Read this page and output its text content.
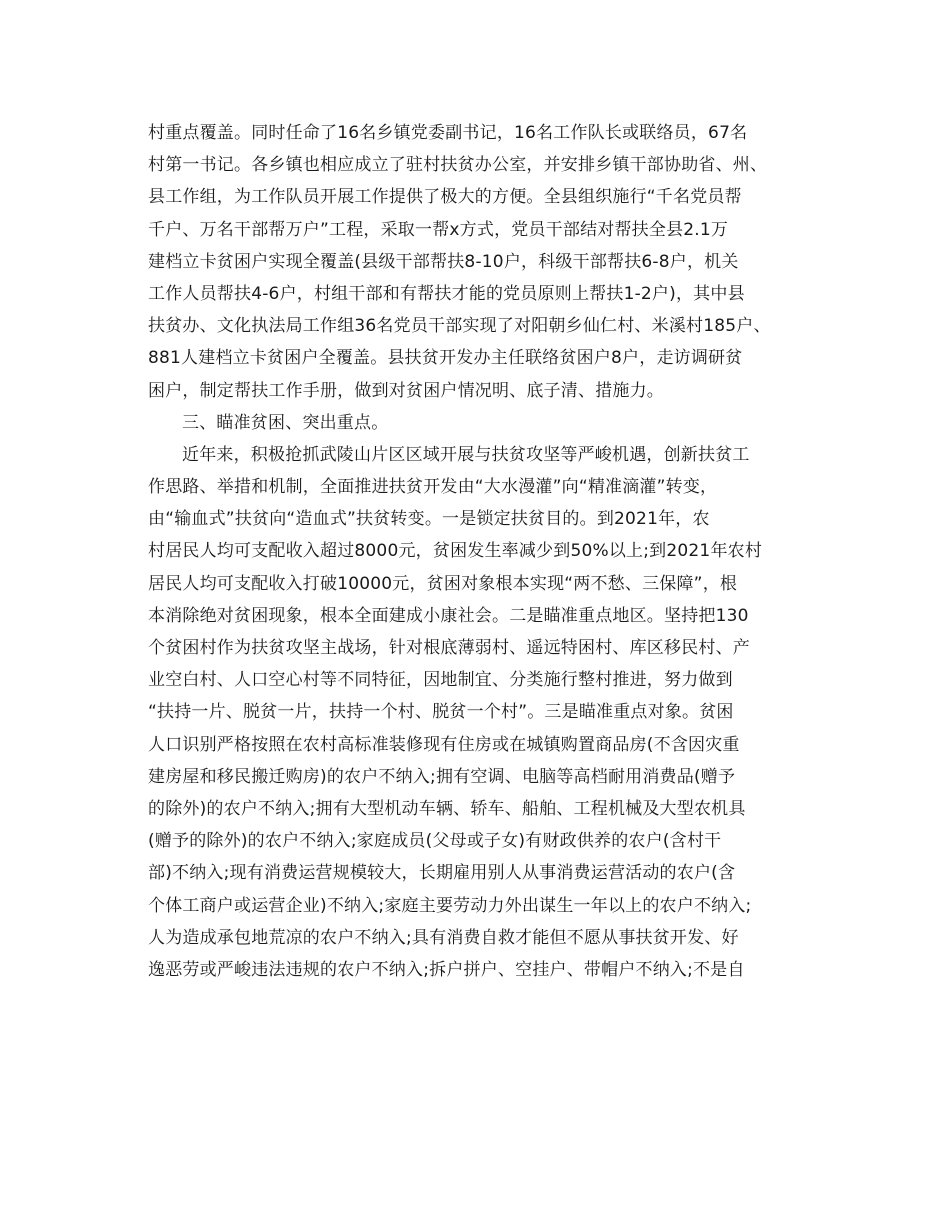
村重点覆盖。同时任命了16名乡镇党委副书记，16名工作队长或联络员，67名
村第一书记。各乡镇也相应成立了驻村扶贫办公室，并安排乡镇干部协助省、州、
县工作组，为工作队员开展工作提供了极大的方便。全县组织施行“千名党员帮
千户、万名干部帮万户”工程，采取一帮x方式，党员干部结对帮扶全县2.1万
建档立卡贫困户实现全覆盖(县级干部帮扶8-10户，科级干部帮扶6-8户，机关
工作人员帮扶4-6户，村组干部和有帮扶才能的党员原则上帮扶1-2户)，其中县
扶贫办、文化执法局工作组36名党员干部实现了对阳朝乡仙仁村、米溪村185户、
881人建档立卡贫困户全覆盖。县扶贫开发办主任联络贫困户8户，走访调研贫
困户，制定帮扶工作手册，做到对贫困户情况明、底子清、措施力。
三、瞄准贫困、突出重点。
近年来，积极抢抓武陵山片区区域开展与扶贫攻坚等严峻机遇，创新扶贫工
作思路、举措和机制，全面推进扶贫开发由“大水漫灌”向“精准滴灌”转变，
由“输血式”扶贫向“造血式”扶贫转变。一是锁定扶贫目的。到2021年，农
村居民人均可支配收入超过8000元，贫困发生率减少到50%以上;到2021年农村
居民人均可支配收入打破10000元，贫困对象根本实现“两不愁、三保障”，根
本消除绝对贫困现象，根本全面建成小康社会。二是瞄准重点地区。坚持把130
个贫困村作为扶贫攻坚主战场，针对根底薄弱村、遥远特困村、库区移民村、产
业空白村、人口空心村等不同特征，因地制宜、分类施行整村推进，努力做到
“扶持一片、脱贫一片，扶持一个村、脱贫一个村”。三是瞄准重点对象。贫困
人口识别严格按照在农村高标准装修现有住房或在城镇购置商品房(不含因灾重
建房屋和移民搬迁购房)的农户不纳入;拥有空调、电脑等高档耐用消费品(赠予
的除外)的农户不纳入;拥有大型机动车辆、轿车、船舶、工程机械及大型农机具
(赠予的除外)的农户不纳入;家庭成员(父母或子女)有财政供养的农户(含村干
部)不纳入;现有消费运营规模较大，长期雇用别人从事消费运营活动的农户(含
个体工商户或运营企业)不纳入;家庭主要劳动力外出谋生一年以上的农户不纳入;
人为造成承包地荒凉的农户不纳入;具有消费自救才能但不愿从事扶贫开发、好
逸恶劳或严峻违法违规的农户不纳入;拆户拼户、空挂户、带帽户不纳入;不是自
